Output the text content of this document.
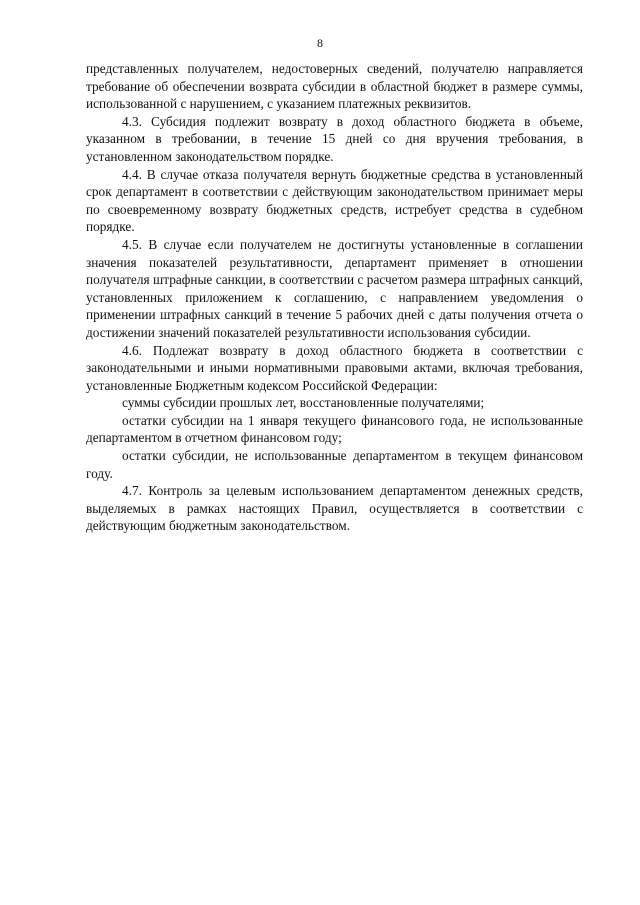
8

представленных получателем, недостоверных сведений, получателю направляется требование об обеспечении возврата субсидии в областной бюджет в размере суммы, использованной с нарушением, с указанием платежных реквизитов.

4.3. Субсидия подлежит возврату в доход областного бюджета в объеме, указанном в требовании, в течение 15 дней со дня вручения требования, в установленном законодательством порядке.

4.4. В случае отказа получателя вернуть бюджетные средства в установленный срок департамент в соответствии с действующим законодательством принимает меры по своевременному возврату бюджетных средств, истребует средства в судебном порядке.

4.5. В случае если получателем не достигнуты установленные в соглашении значения показателей результативности, департамент применяет в отношении получателя штрафные санкции, в соответствии с расчетом размера штрафных санкций, установленных приложением к соглашению, с направлением уведомления о применении штрафных санкций в течение 5 рабочих дней с даты получения отчета о достижении значений показателей результативности использования субсидии.

4.6. Подлежат возврату в доход областного бюджета в соответствии с законодательными и иными нормативными правовыми актами, включая требования, установленные Бюджетным кодексом Российской Федерации:

суммы субсидии прошлых лет, восстановленные получателями;

остатки субсидии на 1 января текущего финансового года, не использованные департаментом в отчетном финансовом году;

остатки субсидии, не использованные департаментом в текущем финансовом году.

4.7. Контроль за целевым использованием департаментом денежных средств, выделяемых в рамках настоящих Правил, осуществляется в соответствии с действующим бюджетным законодательством.
